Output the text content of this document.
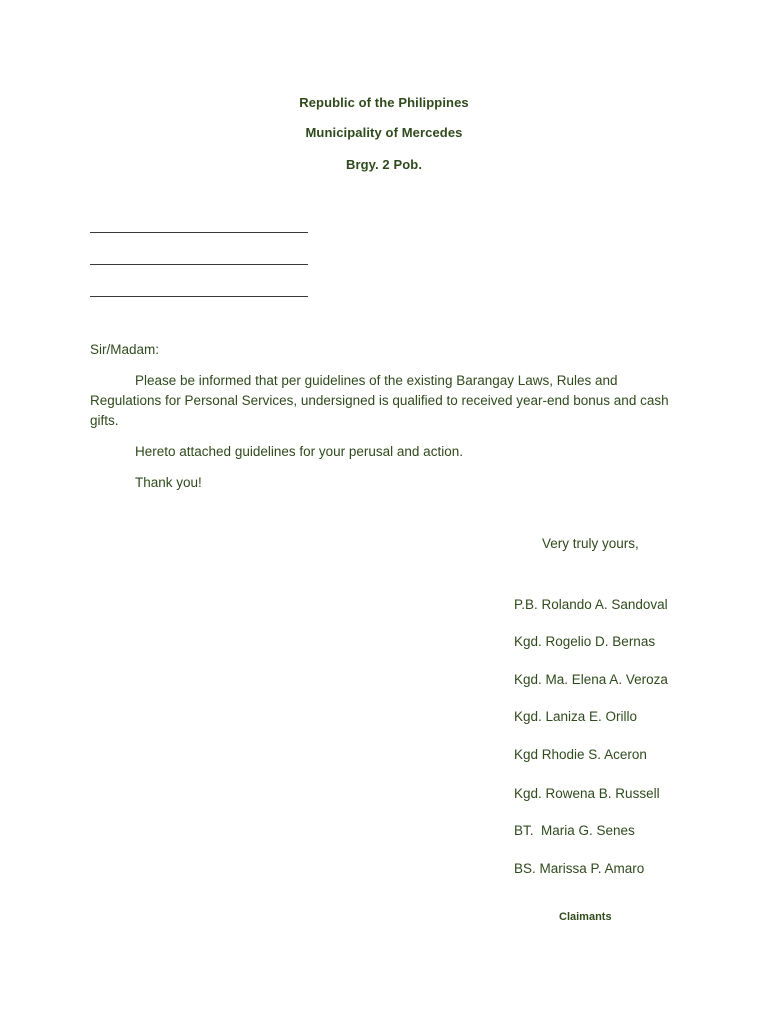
Republic of the Philippines
Municipality of Mercedes
Brgy. 2 Pob.
Sir/Madam:
Please be informed that per guidelines of the existing Barangay Laws, Rules and Regulations for Personal Services, undersigned is qualified to received year-end bonus and cash gifts.
Hereto attached guidelines for your perusal and action.
Thank you!
Very truly yours,
P.B. Rolando A. Sandoval
Kgd. Rogelio D. Bernas
Kgd. Ma. Elena A. Veroza
Kgd. Laniza E. Orillo
Kgd Rhodie S. Aceron
Kgd. Rowena B. Russell
BT.  Maria G. Senes
BS. Marissa P. Amaro
Claimants
